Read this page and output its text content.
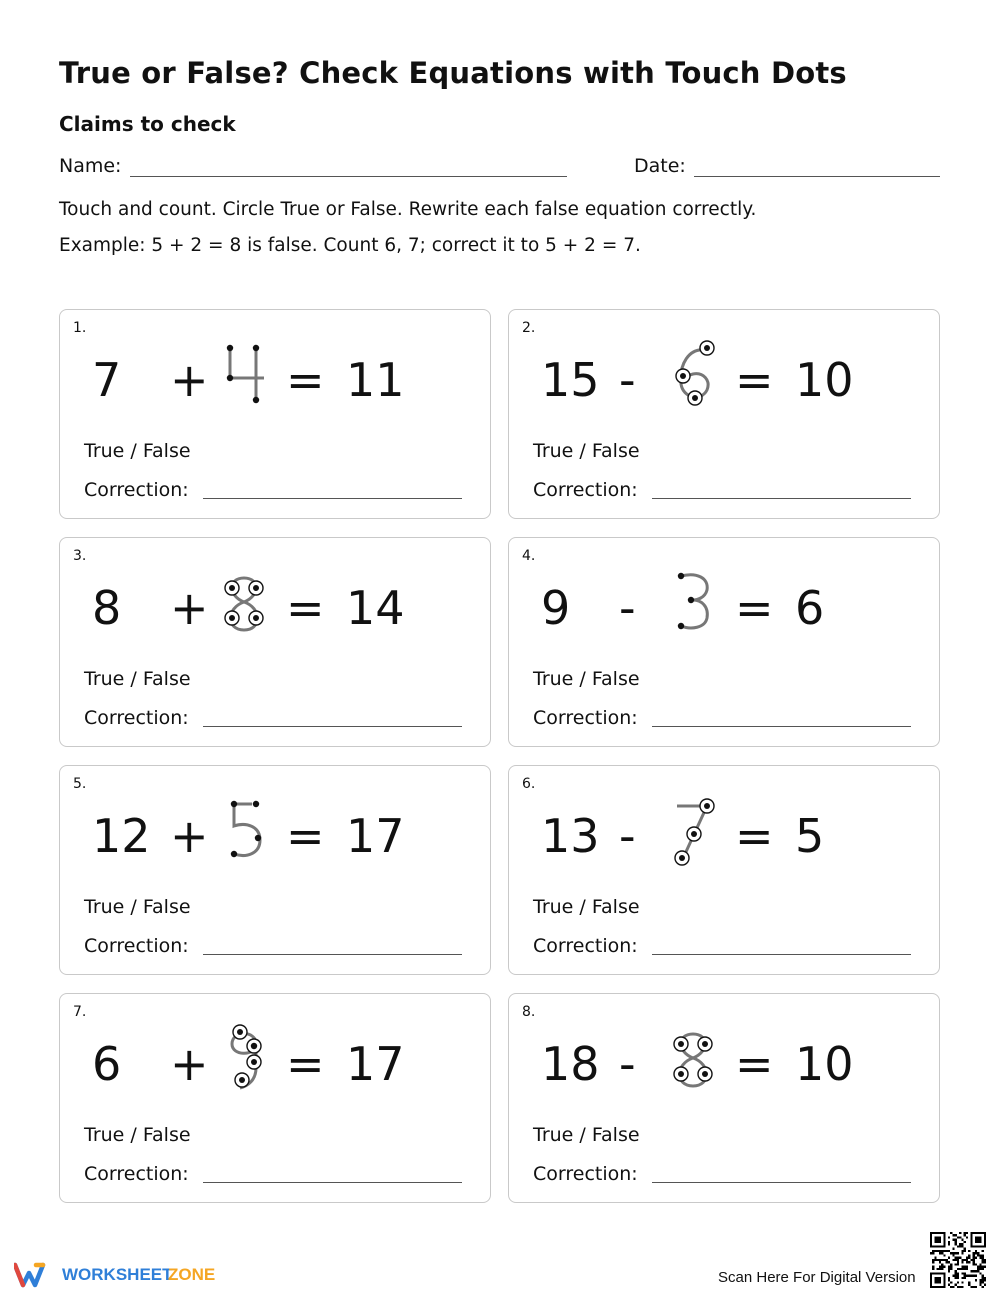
True or False? Check Equations with Touch Dots
Claims to check
Name:	Date:
Touch and count. Circle True or False. Rewrite each false equation correctly.
Example: 5 + 2 = 8 is false. Count 6, 7; correct it to 5 + 2 = 7.
1.
7 + = 11
True / False
Correction:
2.
15 - = 10
True / False
Correction:
3.
8 + = 14
True / False
Correction:
4.
9 - = 6
True / False
Correction:
5.
12 + = 17
True / False
Correction:
6.
13 - = 5
True / False
Correction:
7.
6 + = 17
True / False
Correction:
8.
18 - = 10
True / False
Correction:
WORKSHEET
ZONE	Scan Here For Digital Version
